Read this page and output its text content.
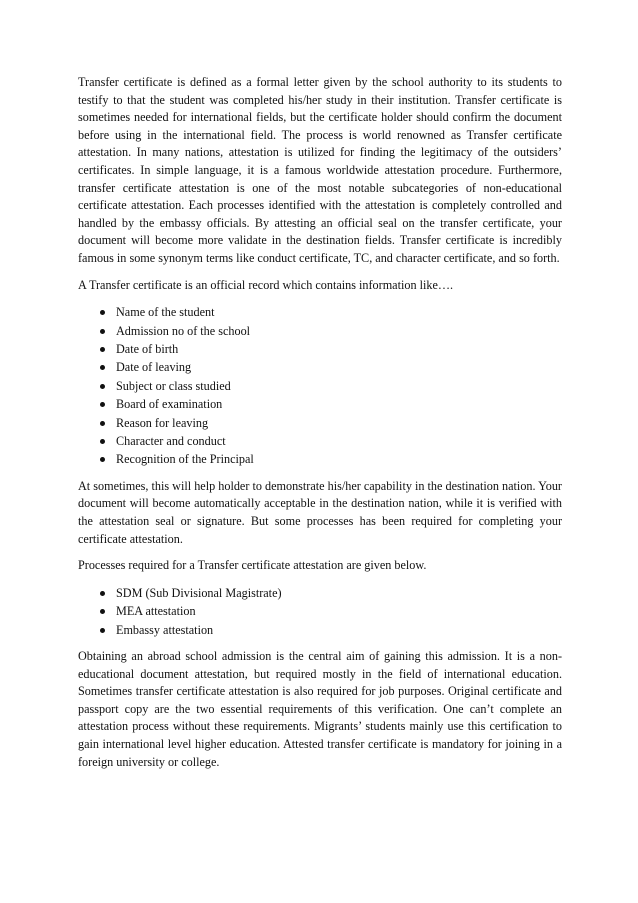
Transfer certificate is defined as a formal letter given by the school authority to its students to testify to that the student was completed his/her study in their institution. Transfer certificate is sometimes needed for international fields, but the certificate holder should confirm the document before using in the international field. The process is world renowned as Transfer certificate attestation. In many nations, attestation is utilized for finding the legitimacy of the outsiders’ certificates. In simple language, it is a famous worldwide attestation procedure. Furthermore, transfer certificate attestation is one of the most notable subcategories of non-educational certificate attestation. Each processes identified with the attestation is completely controlled and handled by the embassy officials. By attesting an official seal on the transfer certificate, your document will become more validate in the destination fields. Transfer certificate is incredibly famous in some synonym terms like conduct certificate, TC, and character certificate, and so forth.

A Transfer certificate is an official record which contains information like….

Name of the student
Admission no of the school
Date of birth
Date of leaving
Subject or class studied
Board of examination
Reason for leaving
Character and conduct
Recognition of the Principal

At sometimes, this will help holder to demonstrate his/her capability in the destination nation. Your document will become automatically acceptable in the destination nation, while it is verified with the attestation seal or signature. But some processes has been required for completing your certificate attestation.

Processes required for a Transfer certificate attestation are given below.

SDM (Sub Divisional Magistrate)
MEA attestation
Embassy attestation

Obtaining an abroad school admission is the central aim of gaining this admission. It is a non-educational document attestation, but required mostly in the field of international education. Sometimes transfer certificate attestation is also required for job purposes. Original certificate and passport copy are the two essential requirements of this verification. One can’t complete an attestation process without these requirements. Migrants’ students mainly use this certification to gain international level higher education. Attested transfer certificate is mandatory for joining in a foreign university or college.
